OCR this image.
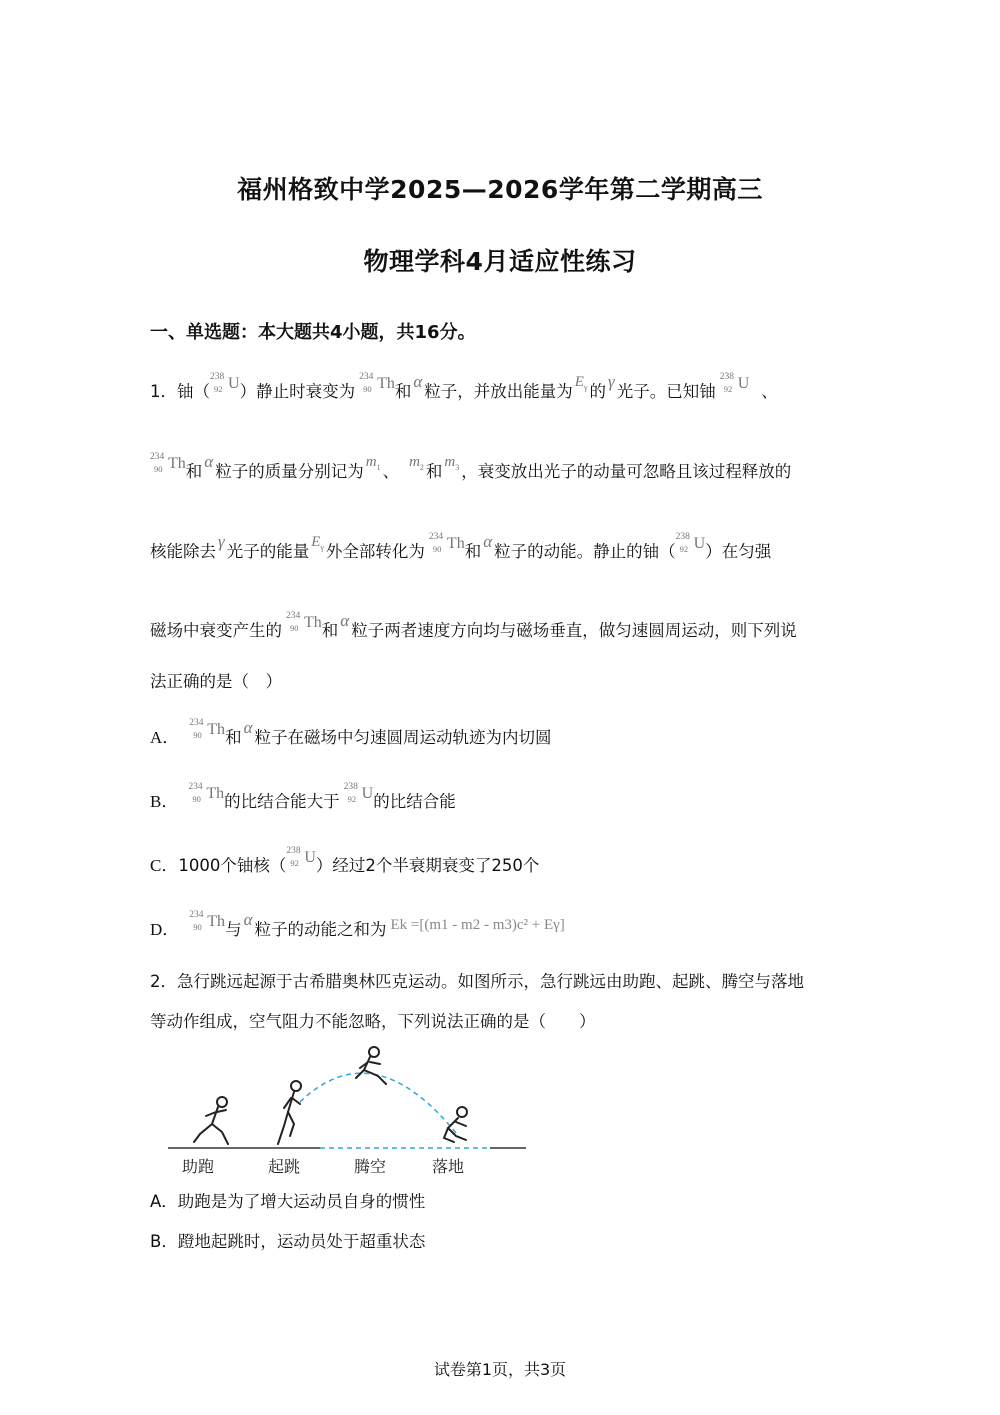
福州格致中学2025—2026学年第二学期高三
物理学科4月适应性练习
一、单选题：本大题共4小题，共16分。
1．铀（
238
92 U ）静止时衰变为
234
90 Th 和
α
粒子，并放出能量为 $E_\gamma$ 的
γ
光子。已知铀
238
92 U 、
234
90 Th 和
α
粒子的质量分别记为 $m_1$ 、 $m_2$ 和 $m_3$ ，衰变放出光子的动量可忽略且该过程释放的
核能除去
γ
光子的能量 $E_\gamma$ 外全部转化为
234
90 Th 和
α
粒子的动能。静止的铀（
238
92 U ）在匀强
磁场中衰变产生的
234
90 Th 和
α
粒子两者速度方向均与磁场垂直，做匀速圆周运动，则下列说
法正确的是（　）
A．
234
90 Th 和
α
粒子在磁场中匀速圆周运动轨迹为内切圆
B．
234
90 Th 的比结合能大于
238
92 U 的比结合能
C． 1000个铀核（
238
92 U ）经过2个半衰期衰变了250个
D．
234
90 Th 与
α
粒子的动能之和为 Ek =[(m1 - m2 - m3)c² + Eγ]
2．急行跳远起源于古希腊奥林匹克运动。如图所示，急行跳远由助跑、起跳、腾空与落地
等动作组成，空气阻力不能忽略，下列说法正确的是（　　）
助跑	起跳	腾空	落地
A．助跑是为了增大运动员自身的惯性
B．蹬地起跳时，运动员处于超重状态
试卷第1页，共3页
